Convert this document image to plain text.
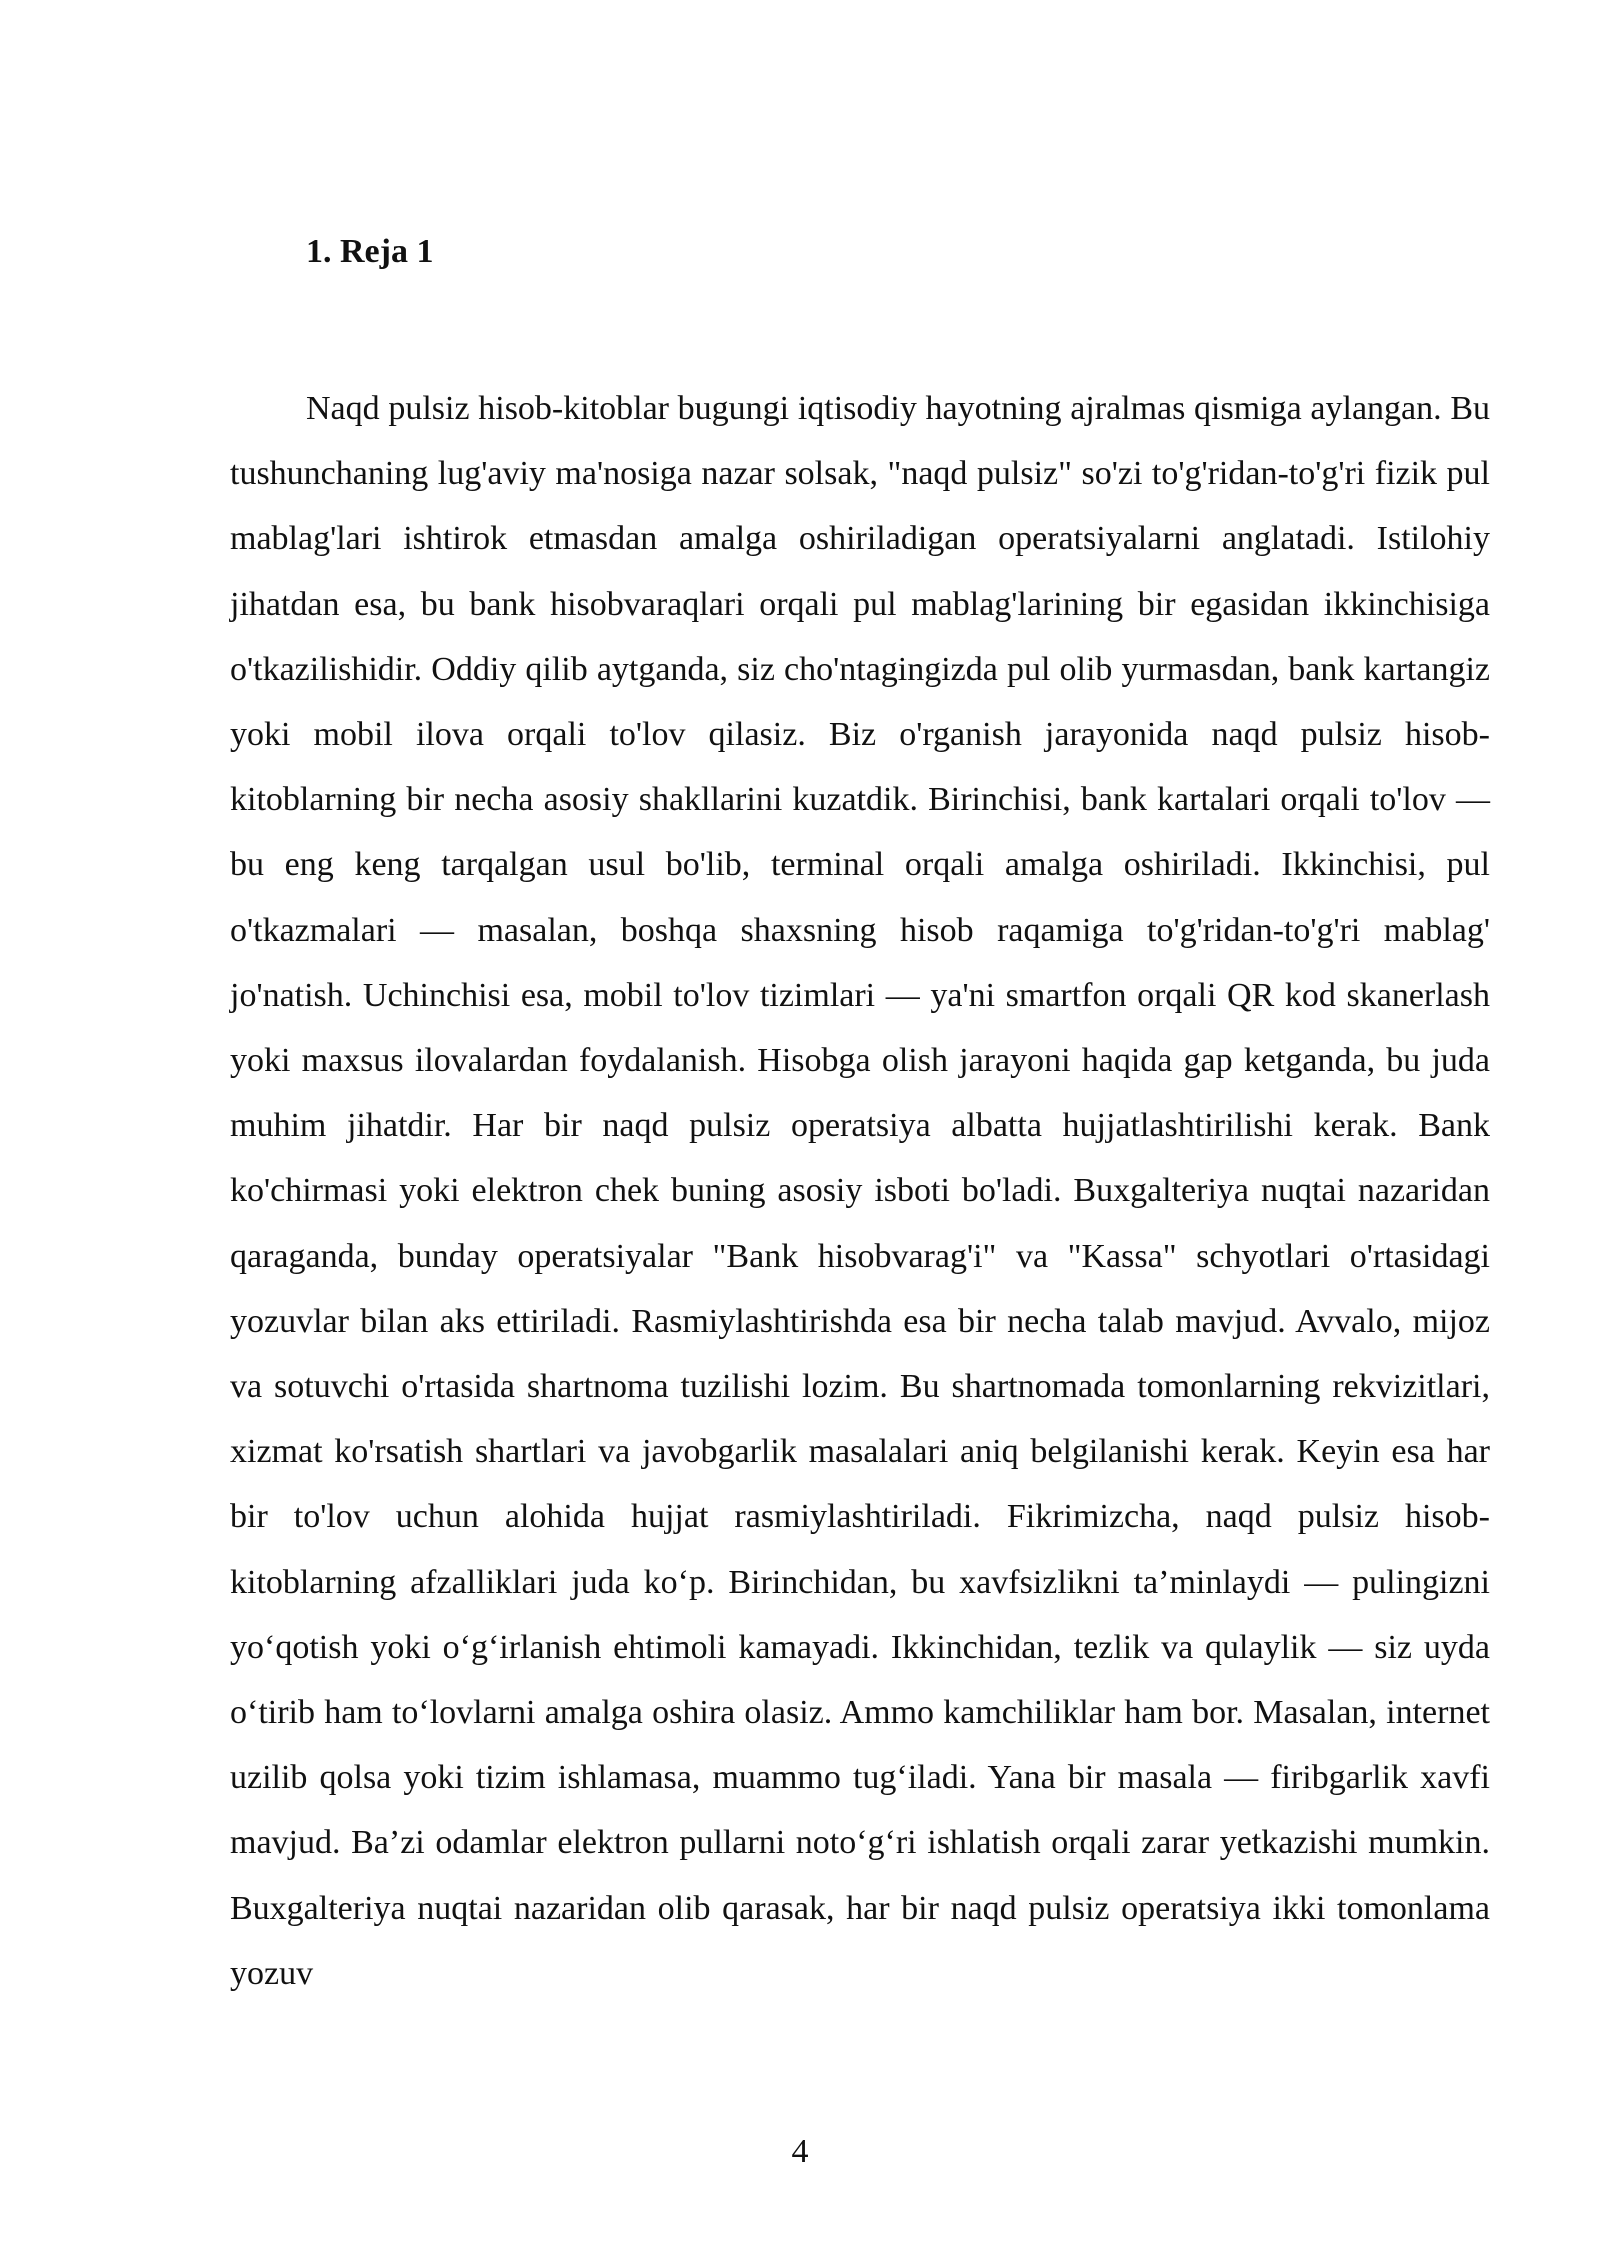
1. Reja 1

Naqd pulsiz hisob-kitoblar bugungi iqtisodiy hayotning ajralmas qismiga aylangan. Bu tushunchaning lug'aviy ma'nosiga nazar solsak, "naqd pulsiz" so'zi to'g'ridan-to'g'ri fizik pul mablag'lari ishtirok etmasdan amalga oshiriladigan operatsiyalarni anglatadi. Istilohiy jihatdan esa, bu bank hisobvaraqlari orqali pul mablag'larining bir egasidan ikkinchisiga o'tkazilishidir. Oddiy qilib aytganda, siz cho'ntagingizda pul olib yurmasdan, bank kartangiz yoki mobil ilova orqali to'lov qilasiz. Biz o'rganish jarayonida naqd pulsiz hisob-kitoblarning bir necha asosiy shakllarini kuzatdik. Birinchisi, bank kartalari orqali to'lov — bu eng keng tarqalgan usul bo'lib, terminal orqali amalga oshiriladi. Ikkinchisi, pul o'tkazmalari — masalan, boshqa shaxsning hisob raqamiga to'g'ridan-to'g'ri mablag' jo'natish. Uchinchisi esa, mobil to'lov tizimlari — ya'ni smartfon orqali QR kod skanerlash yoki maxsus ilovalardan foydalanish. Hisobga olish jarayoni haqida gap ketganda, bu juda muhim jihatdir. Har bir naqd pulsiz operatsiya albatta hujjatlashtirilishi kerak. Bank ko'chirmasi yoki elektron chek buning asosiy isboti bo'ladi. Buxgalteriya nuqtai nazaridan qaraganda, bunday operatsiyalar "Bank hisobvarag'i" va "Kassa" schyotlari o'rtasidagi yozuvlar bilan aks ettiriladi. Rasmiylashtirishda esa bir necha talab mavjud. Avvalo, mijoz va sotuvchi o'rtasida shartnoma tuzilishi lozim. Bu shartnomada tomonlarning rekvizitlari, xizmat ko'rsatish shartlari va javobgarlik masalalari aniq belgilanishi kerak. Keyin esa har bir to'lov uchun alohida hujjat rasmiylashtiriladi. Fikrimizcha, naqd pulsiz hisob-kitoblarning afzalliklari juda ko‘p. Birinchidan, bu xavfsizlikni ta’minlaydi — pulingizni yo‘qotish yoki o‘g‘irlanish ehtimoli kamayadi. Ikkinchidan, tezlik va qulaylik — siz uyda o‘tirib ham to‘lovlarni amalga oshira olasiz. Ammo kamchiliklar ham bor. Masalan, internet uzilib qolsa yoki tizim ishlamasa, muammo tug‘iladi. Yana bir masala — firibgarlik xavfi mavjud. Ba’zi odamlar elektron pullarni noto‘g‘ri ishlatish orqali zarar yetkazishi mumkin. Buxgalteriya nuqtai nazaridan olib qarasak, har bir naqd pulsiz operatsiya ikki tomonlama yozuv

4
